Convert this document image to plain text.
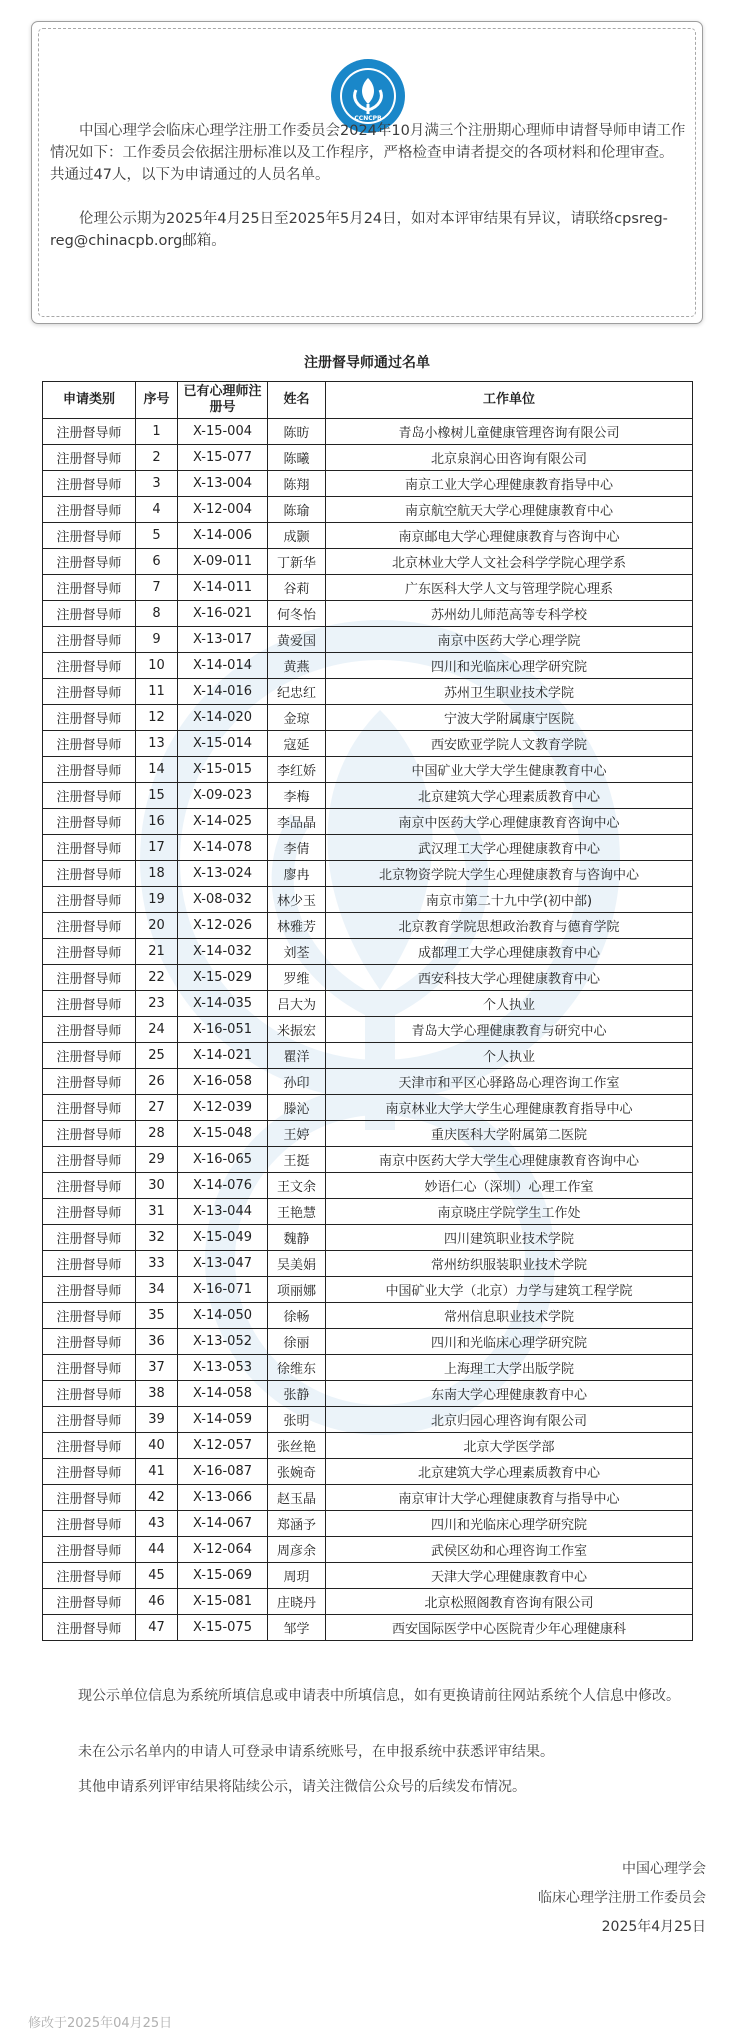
CCNCPB

中国心理学会临床心理学注册工作委员会2024年10月满三个注册期心理师申请督导师申请工作情况如下：工作委员会依据注册标准以及工作程序，严格检查申请者提交的各项材料和伦理审查。共通过47人，以下为申请通过的人员名单。

伦理公示期为2025年4月25日至2025年5月24日，如对本评审结果有异议，请联络cpsreg-reg@chinacpb.org邮箱。

注册督导师通过名单
申请类别	序号	已有心理师注册号	姓名	工作单位
注册督导师	1	X-15-004	陈昉	青岛小橡树儿童健康管理咨询有限公司
注册督导师	2	X-15-077	陈曦	北京泉润心田咨询有限公司
注册督导师	3	X-13-004	陈翔	南京工业大学心理健康教育指导中心
注册督导师	4	X-12-004	陈瑜	南京航空航天大学心理健康教育中心
注册督导师	5	X-14-006	成颢	南京邮电大学心理健康教育与咨询中心
注册督导师	6	X-09-011	丁新华	北京林业大学人文社会科学学院心理学系
注册督导师	7	X-14-011	谷莉	广东医科大学人文与管理学院心理系
注册督导师	8	X-16-021	何冬怡	苏州幼儿师范高等专科学校
注册督导师	9	X-13-017	黄爱国	南京中医药大学心理学院
注册督导师	10	X-14-014	黄燕	四川和光临床心理学研究院
注册督导师	11	X-14-016	纪忠红	苏州卫生职业技术学院
注册督导师	12	X-14-020	金琼	宁波大学附属康宁医院
注册督导师	13	X-15-014	寇延	西安欧亚学院人文教育学院
注册督导师	14	X-15-015	李红娇	中国矿业大学大学生健康教育中心
注册督导师	15	X-09-023	李梅	北京建筑大学心理素质教育中心
注册督导师	16	X-14-025	李品晶	南京中医药大学心理健康教育咨询中心
注册督导师	17	X-14-078	李倩	武汉理工大学心理健康教育中心
注册督导师	18	X-13-024	廖冉	北京物资学院大学生心理健康教育与咨询中心
注册督导师	19	X-08-032	林少玉	南京市第二十九中学(初中部)
注册督导师	20	X-12-026	林雅芳	北京教育学院思想政治教育与德育学院
注册督导师	21	X-14-032	刘荃	成都理工大学心理健康教育中心
注册督导师	22	X-15-029	罗维	西安科技大学心理健康教育中心
注册督导师	23	X-14-035	吕大为	个人执业
注册督导师	24	X-16-051	米振宏	青岛大学心理健康教育与研究中心
注册督导师	25	X-14-021	瞿洋	个人执业
注册督导师	26	X-16-058	孙印	天津市和平区心驿路岛心理咨询工作室
注册督导师	27	X-12-039	滕沁	南京林业大学大学生心理健康教育指导中心
注册督导师	28	X-15-048	王婷	重庆医科大学附属第二医院
注册督导师	29	X-16-065	王挺	南京中医药大学大学生心理健康教育咨询中心
注册督导师	30	X-14-076	王文余	妙语仁心（深圳）心理工作室
注册督导师	31	X-13-044	王艳慧	南京晓庄学院学生工作处
注册督导师	32	X-15-049	魏静	四川建筑职业技术学院
注册督导师	33	X-13-047	吴美娟	常州纺织服装职业技术学院
注册督导师	34	X-16-071	项丽娜	中国矿业大学（北京）力学与建筑工程学院
注册督导师	35	X-14-050	徐畅	常州信息职业技术学院
注册督导师	36	X-13-052	徐丽	四川和光临床心理学研究院
注册督导师	37	X-13-053	徐维东	上海理工大学出版学院
注册督导师	38	X-14-058	张静	东南大学心理健康教育中心
注册督导师	39	X-14-059	张明	北京归园心理咨询有限公司
注册督导师	40	X-12-057	张丝艳	北京大学医学部
注册督导师	41	X-16-087	张婉奇	北京建筑大学心理素质教育中心
注册督导师	42	X-13-066	赵玉晶	南京审计大学心理健康教育与指导中心
注册督导师	43	X-14-067	郑涵予	四川和光临床心理学研究院
注册督导师	44	X-12-064	周彦余	武侯区幼和心理咨询工作室
注册督导师	45	X-15-069	周玥	天津大学心理健康教育中心
注册督导师	46	X-15-081	庄晓丹	北京松照阁教育咨询有限公司
注册督导师	47	X-15-075	邹学	西安国际医学中心医院青少年心理健康科

现公示单位信息为系统所填信息或申请表中所填信息，如有更换请前往网站系统个人信息中修改。

未在公示名单内的申请人可登录申请系统账号，在申报系统中获悉评审结果。

其他申请系列评审结果将陆续公示，请关注微信公众号的后续发布情况。

中国心理学会
临床心理学注册工作委员会
2025年4月25日
修改于2025年04月25日
